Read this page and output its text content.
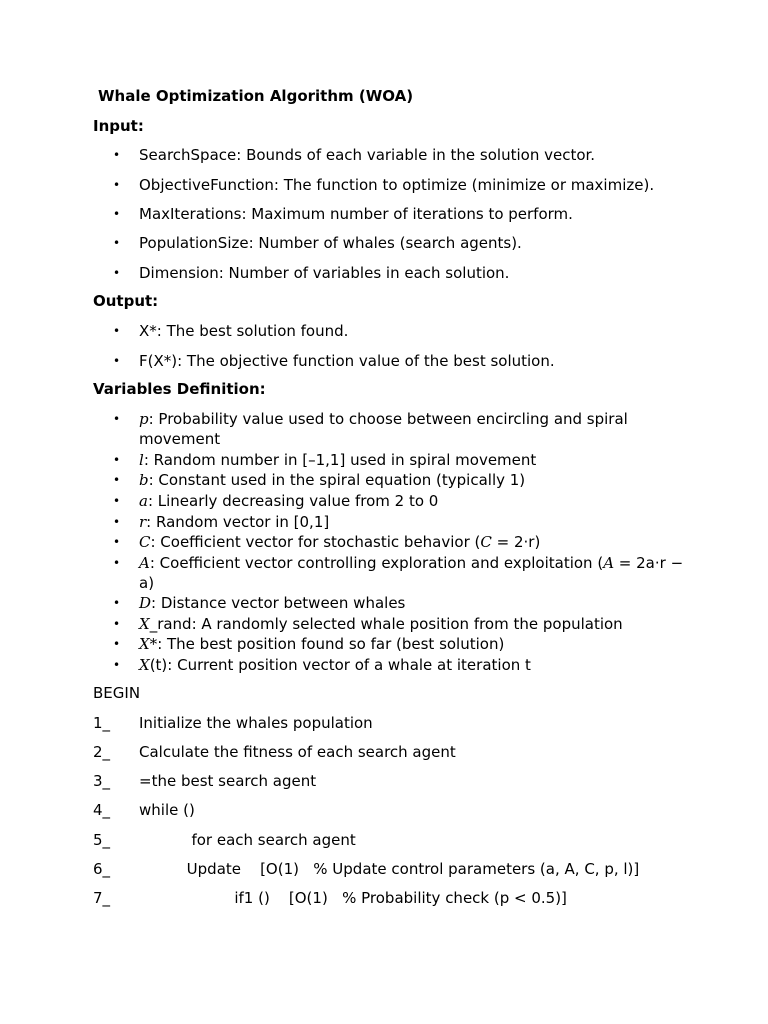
Whale Optimization Algorithm (WOA)
Input:
• SearchSpace: Bounds of each variable in the solution vector.
• ObjectiveFunction: The function to optimize (minimize or maximize).
• MaxIterations: Maximum number of iterations to perform.
• PopulationSize: Number of whales (search agents).
• Dimension: Number of variables in each solution.
Output:
• X*: The best solution found.
• F(X*): The objective function value of the best solution.
Variables Definition:
• p: Probability value used to choose between encircling and spiral movement
• l: Random number in [–1,1] used in spiral movement
• b: Constant used in the spiral equation (typically 1)
• a: Linearly decreasing value from 2 to 0
• r: Random vector in [0,1]
• C: Coefficient vector for stochastic behavior (C = 2·r)
• A: Coefficient vector controlling exploration and exploitation (A = 2a·r − a)
• D: Distance vector between whales
• X_rand: A randomly selected whale position from the population
• X*: The best position found so far (best solution)
• X(t): Current position vector of a whale at iteration t
BEGIN
1_ Initialize the whales population
2_ Calculate the fitness of each search agent
3_ =the best search agent
4_ while ()
5_           for each search agent
6_          Update    [O(1)   % Update control parameters (a, A, C, p, l)]
7_                    if1 ()    [O(1)   % Probability check (p < 0.5)]
